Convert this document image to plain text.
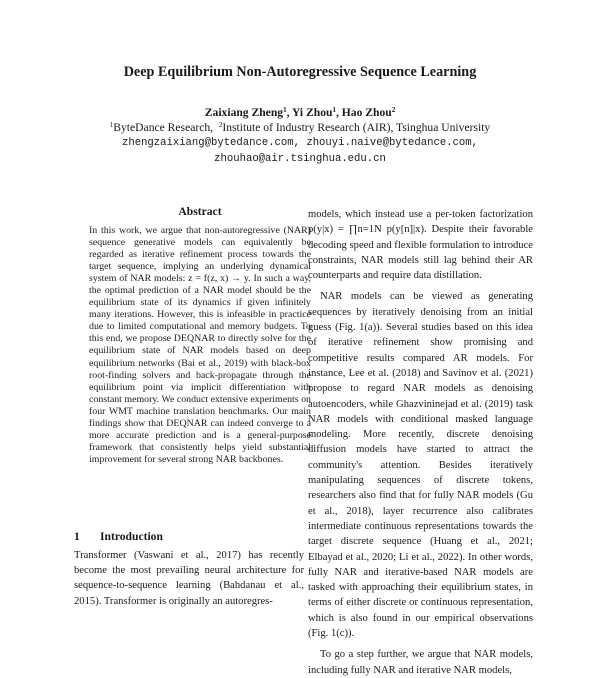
Deep Equilibrium Non-Autoregressive Sequence Learning
Zaixiang Zheng$^1$, Yi Zhou$^1$, Hao Zhou$^2$
$^1$ByteDance Research, $^2$Institute of Industry Research (AIR), Tsinghua University
zhengzaixiang@bytedance.com, zhouyi.naive@bytedance.com,
zhouhao@air.tsinghua.edu.cn
Abstract
In this work, we argue that non-autoregressive (NAR) sequence generative models can equivalently be regarded as iterative refinement process towards the target sequence, implying an underlying dynamical system of NAR models: z = f(z, x) → y. In such a way, the optimal prediction of a NAR model should be the equilibrium state of its dynamics if given infinitely many iterations. However, this is infeasible in practice due to limited computational and memory budgets. To this end, we propose DEQNAR to directly solve for the equilibrium state of NAR models based on deep equilibrium networks (Bai et al., 2019) with black-box root-finding solvers and back-propagate through the equilibrium point via implicit differentiation with constant memory. We conduct extensive experiments on four WMT machine translation benchmarks. Our main findings show that DEQNAR can indeed converge to a more accurate prediction and is a general-purpose framework that consistently helps yield substantial improvement for several strong NAR backbones.
1 Introduction
Transformer (Vaswani et al., 2017) has recently become the most prevailing neural architecture for sequence-to-sequence learning (Bahdanau et al., 2015). Transformer is originally an autoregres-

models, which instead use a per-token factorization p(y|x) = ∏n=1N p(y[n]|x). Despite their favorable decoding speed and flexible formulation to introduce constraints, NAR models still lag behind their AR counterparts and require data distillation.

NAR models can be viewed as generating sequences by iteratively denoising from an initial guess (Fig. 1(a)). Several studies based on this idea of iterative refinement show promising and competitive results compared AR models. For instance, Lee et al. (2018) and Savinov et al. (2021) propose to regard NAR models as denoising autoencoders, while Ghazvininejad et al. (2019) task NAR models with conditional masked language modeling. More recently, discrete denoising diffusion models have started to attract the community's attention. Besides iteratively manipulating sequences of discrete tokens, researchers also find that for fully NAR models (Gu et al., 2018), layer recurrence also calibrates intermediate continuous representations towards the target discrete sequence (Huang et al., 2021; Elbayad et al., 2020; Li et al., 2022). In other words, fully NAR and iterative-based NAR models are tasked with approaching their equilibrium states, in terms of either discrete or continuous representation, which is also found in our empirical observations (Fig. 1(c)).

To go a step further, we argue that NAR models, including fully NAR and iterative NAR models,
